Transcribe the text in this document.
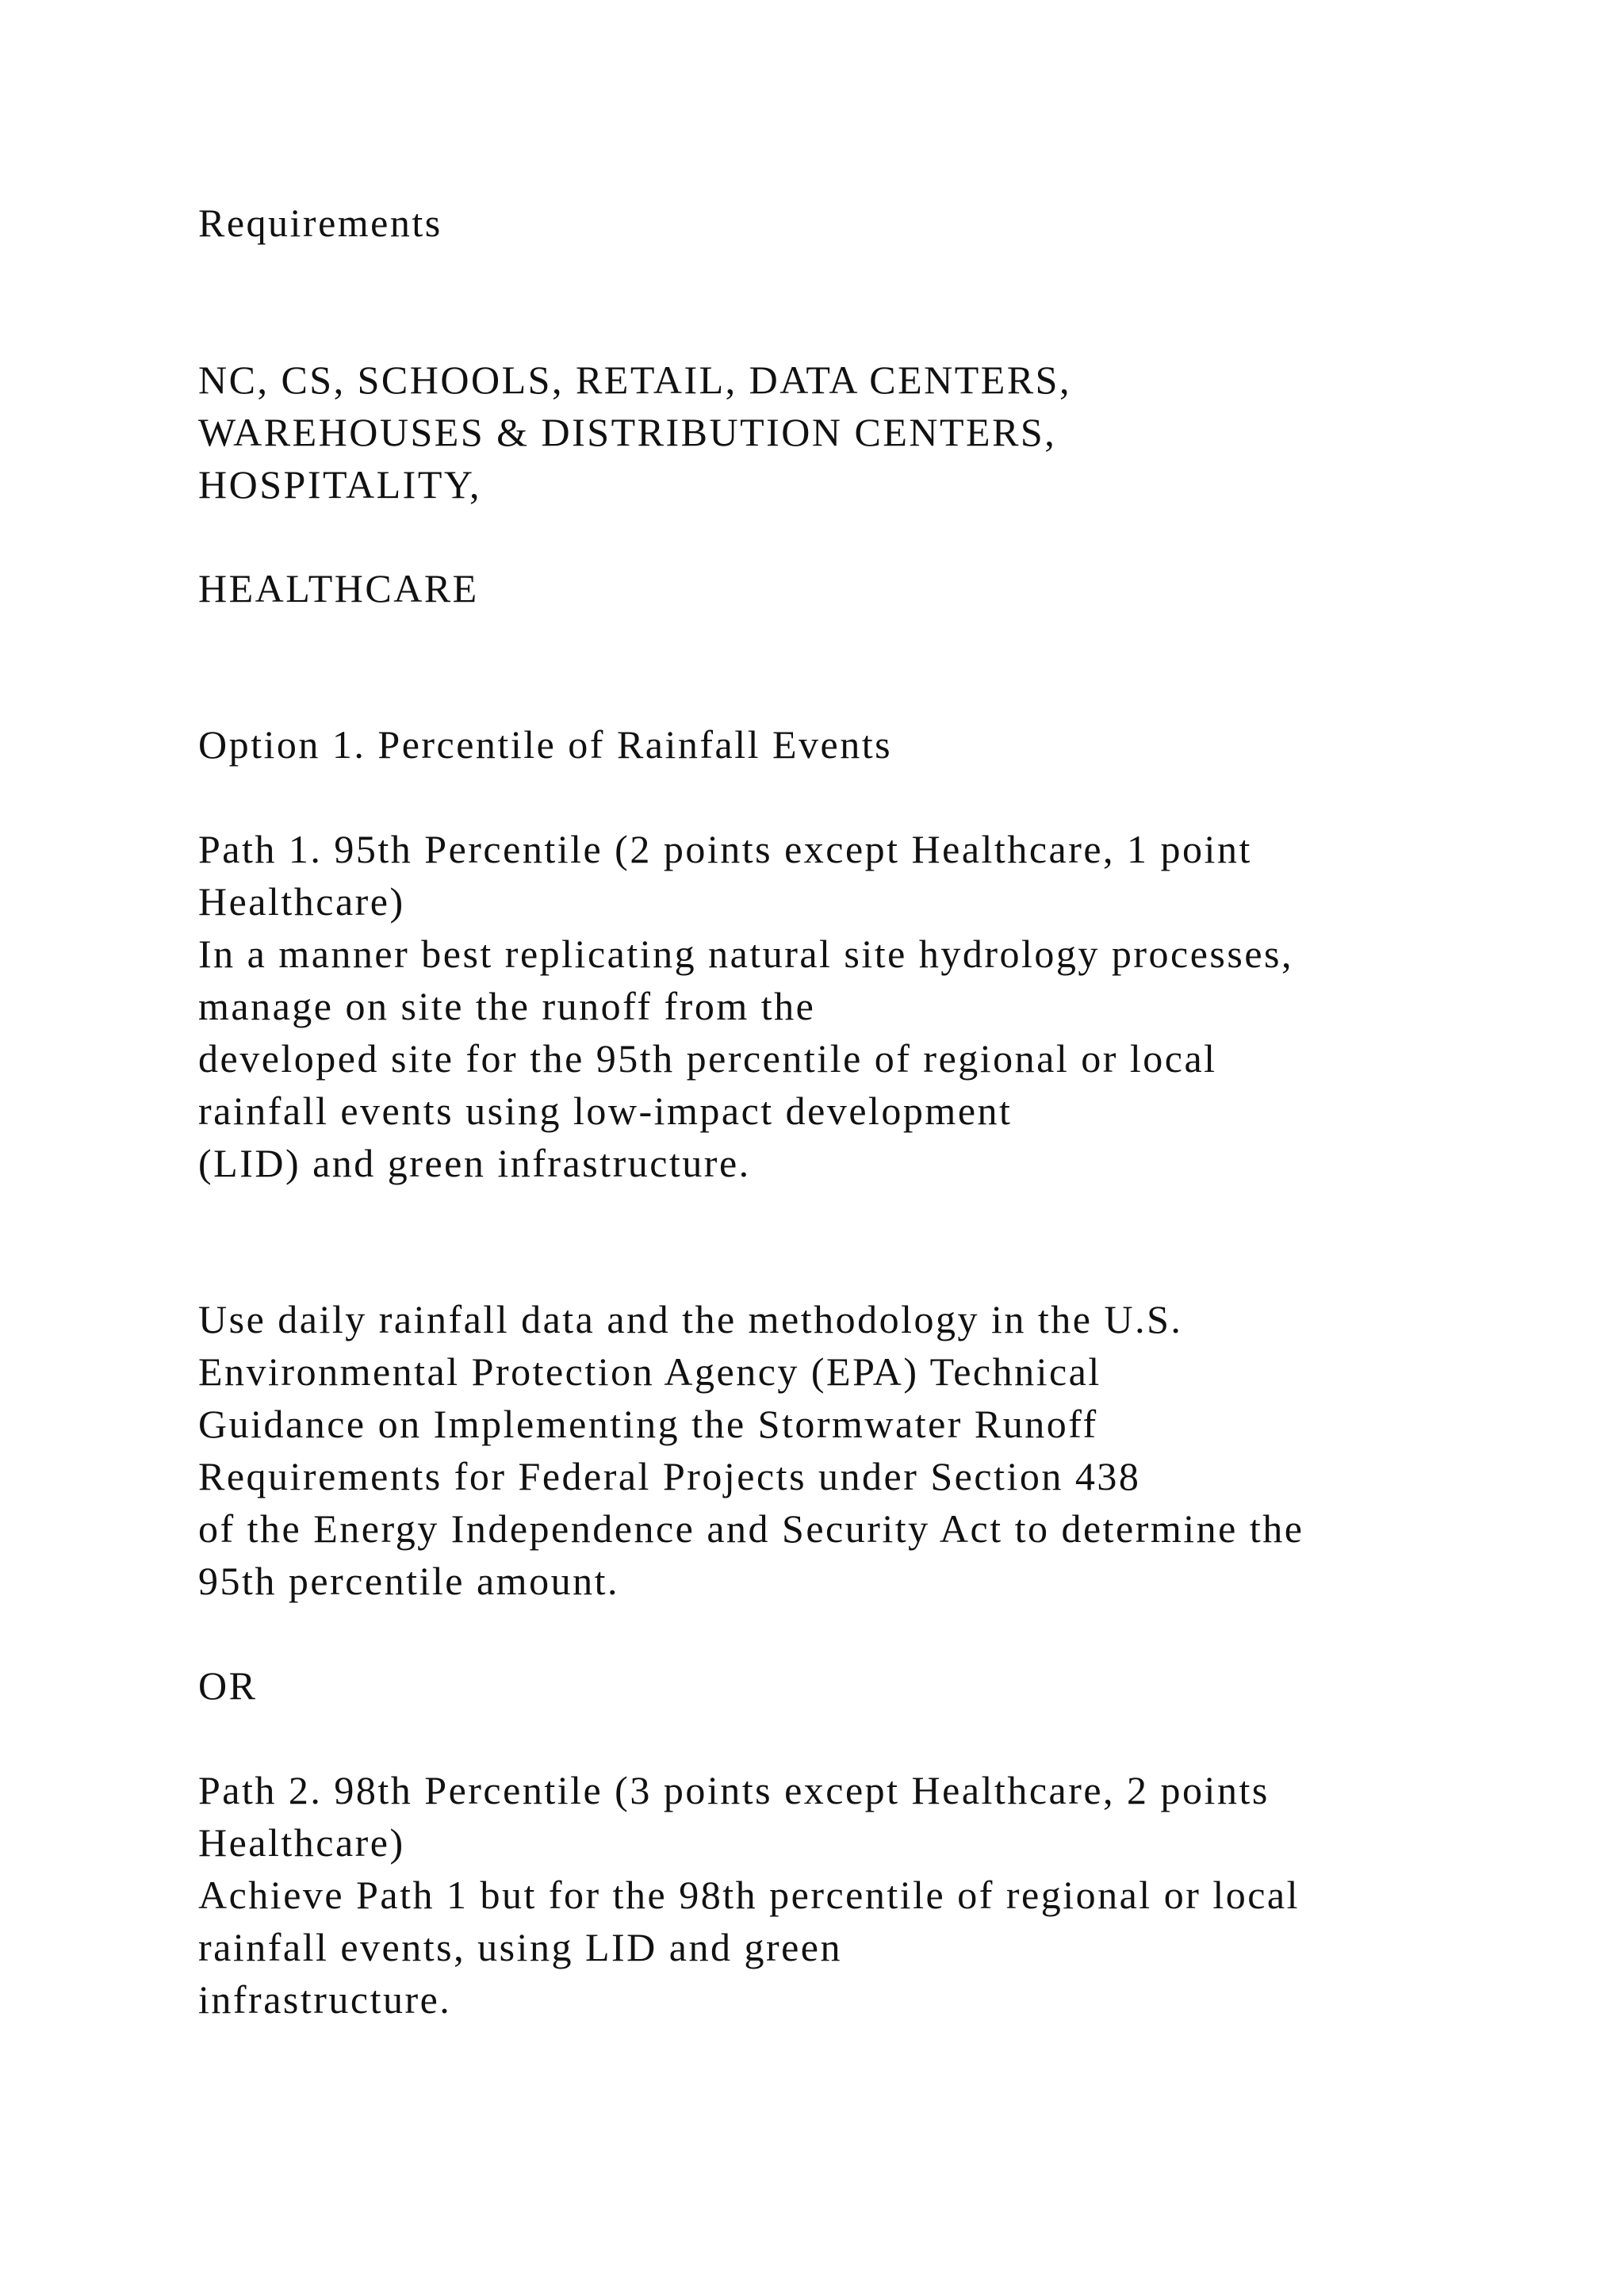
Requirements

NC, CS, SCHOOLS, RETAIL, DATA CENTERS,

WAREHOUSES & DISTRIBUTION CENTERS,

HOSPITALITY,

HEALTHCARE

Option 1. Percentile of Rainfall Events

Path 1. 95th Percentile (2 points except Healthcare, 1 point

Healthcare)

In a manner best replicating natural site hydrology processes,

manage on site the runoff from the

developed site for the 95th percentile of regional or local

rainfall events using low-impact development

(LID) and green infrastructure.

Use daily rainfall data and the methodology in the U.S.

Environmental Protection Agency (EPA) Technical

Guidance on Implementing the Stormwater Runoff

Requirements for Federal Projects under Section 438

of the Energy Independence and Security Act to determine the

95th percentile amount.

OR

Path 2. 98th Percentile (3 points except Healthcare, 2 points

Healthcare)

Achieve Path 1 but for the 98th percentile of regional or local

rainfall events, using LID and green

infrastructure.
